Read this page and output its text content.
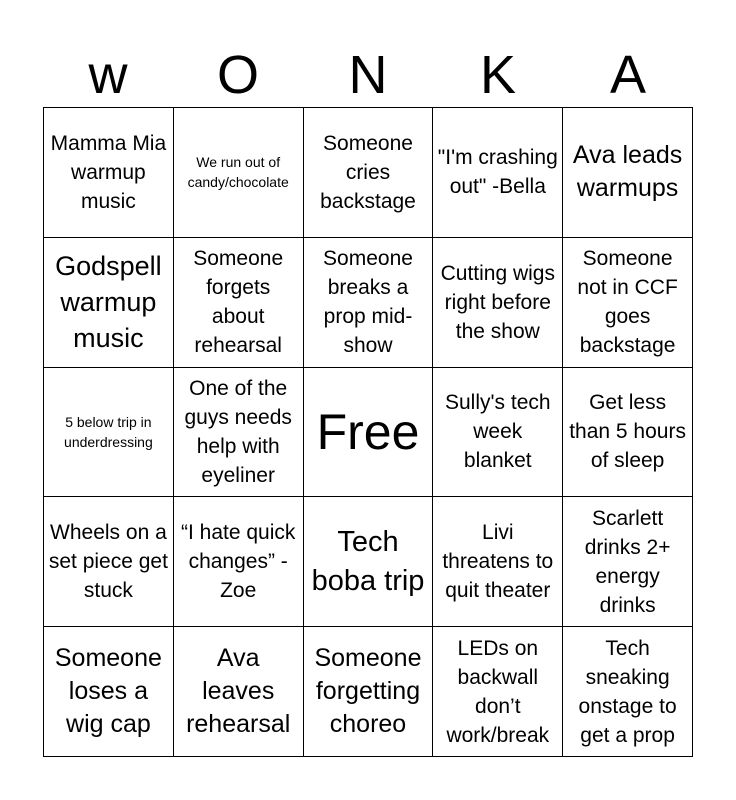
w	O	N	K	A
Mamma Mia warmup music
We run out of candy/chocolate
Someone cries backstage
"I'm crashing out" -Bella
Ava leads warmups
Godspell warmup music
Someone forgets about rehearsal
Someone breaks a prop mid-show
Cutting wigs right before the show
Someone not in CCF goes backstage
5 below trip in underdressing
One of the guys needs help with eyeliner
Free
Sully's tech week blanket
Get less than 5 hours of sleep
Wheels on a set piece get stuck
“I hate quick changes” - Zoe
Tech boba trip
Livi threatens to quit theater
Scarlett drinks 2+ energy drinks
Someone loses a wig cap
Ava leaves rehearsal
Someone forgetting choreo
LEDs on backwall don’t work/break
Tech sneaking onstage to get a prop
